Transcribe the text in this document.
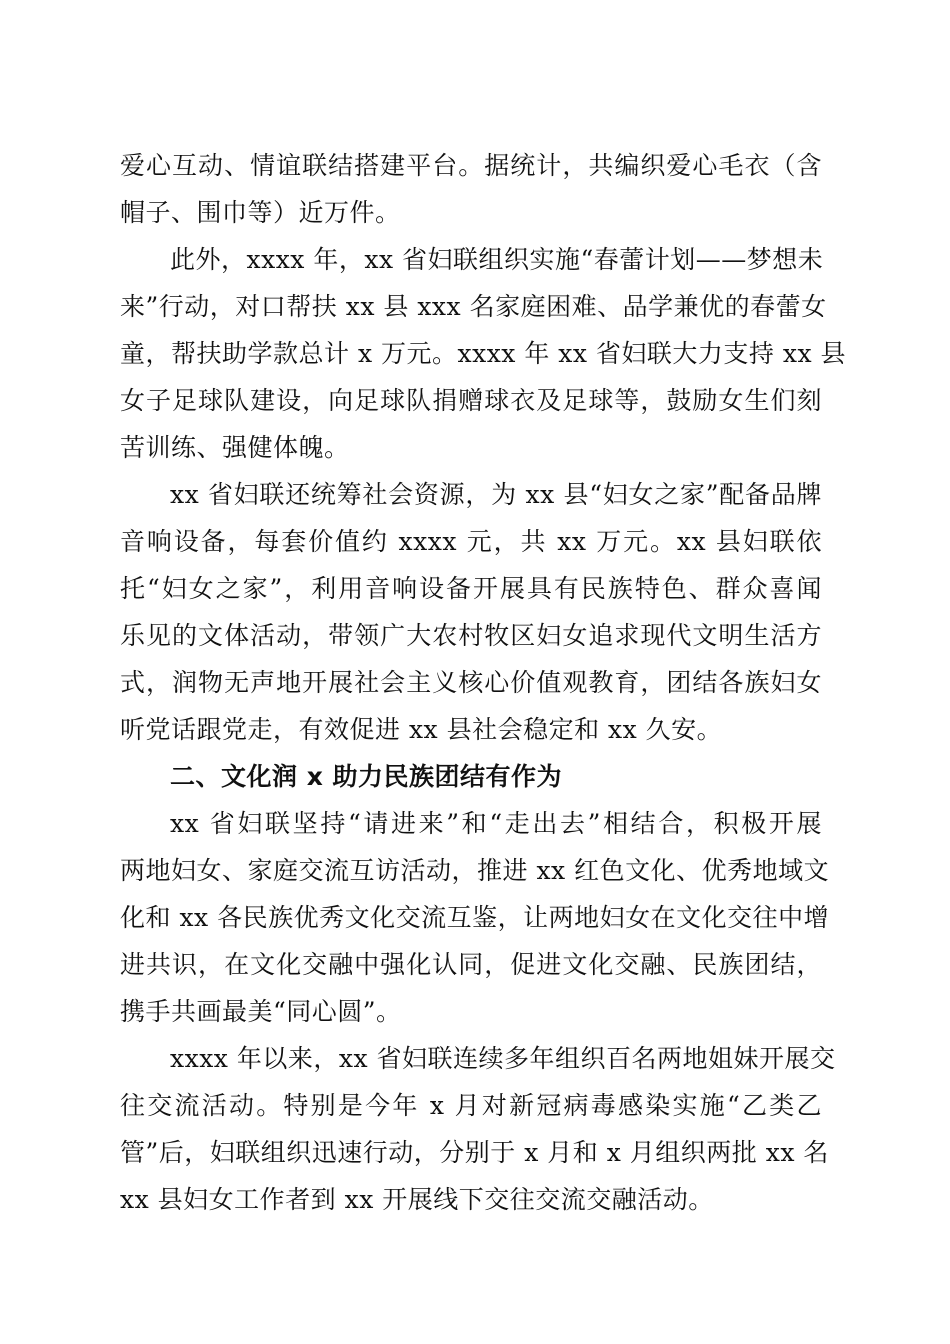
爱心互动、情谊联结搭建平台。据统计，共编织爱心毛衣（含
帽子、围巾等）近万件。
此外，xxxx 年，xx 省妇联组织实施“春蕾计划——梦想未
来”行动，对口帮扶 xx 县 xxx 名家庭困难、品学兼优的春蕾女
童，帮扶助学款总计 x 万元。xxxx 年 xx 省妇联大力支持 xx 县
女子足球队建设，向足球队捐赠球衣及足球等，鼓励女生们刻
苦训练、强健体魄。
xx 省妇联还统筹社会资源，为 xx 县“妇女之家”配备品牌
音响设备，每套价值约 xxxx 元，共 xx 万元。xx 县妇联依
托“妇女之家”，利用音响设备开展具有民族特色、群众喜闻
乐见的文体活动，带领广大农村牧区妇女追求现代文明生活方
式，润物无声地开展社会主义核心价值观教育，团结各族妇女
听党话跟党走，有效促进 xx 县社会稳定和 xx 久安。
二、文化润 x 助力民族团结有作为
xx 省妇联坚持“请进来”和“走出去”相结合，积极开展
两地妇女、家庭交流互访活动，推进 xx 红色文化、优秀地域文
化和 xx 各民族优秀文化交流互鉴，让两地妇女在文化交往中增
进共识，在文化交融中强化认同，促进文化交融、民族团结，
携手共画最美“同心圆”。
xxxx 年以来，xx 省妇联连续多年组织百名两地姐妹开展交
往交流活动。特别是今年 x 月对新冠病毒感染实施“乙类乙
管”后，妇联组织迅速行动，分别于 x 月和 x 月组织两批 xx 名
xx 县妇女工作者到 xx 开展线下交往交流交融活动。
